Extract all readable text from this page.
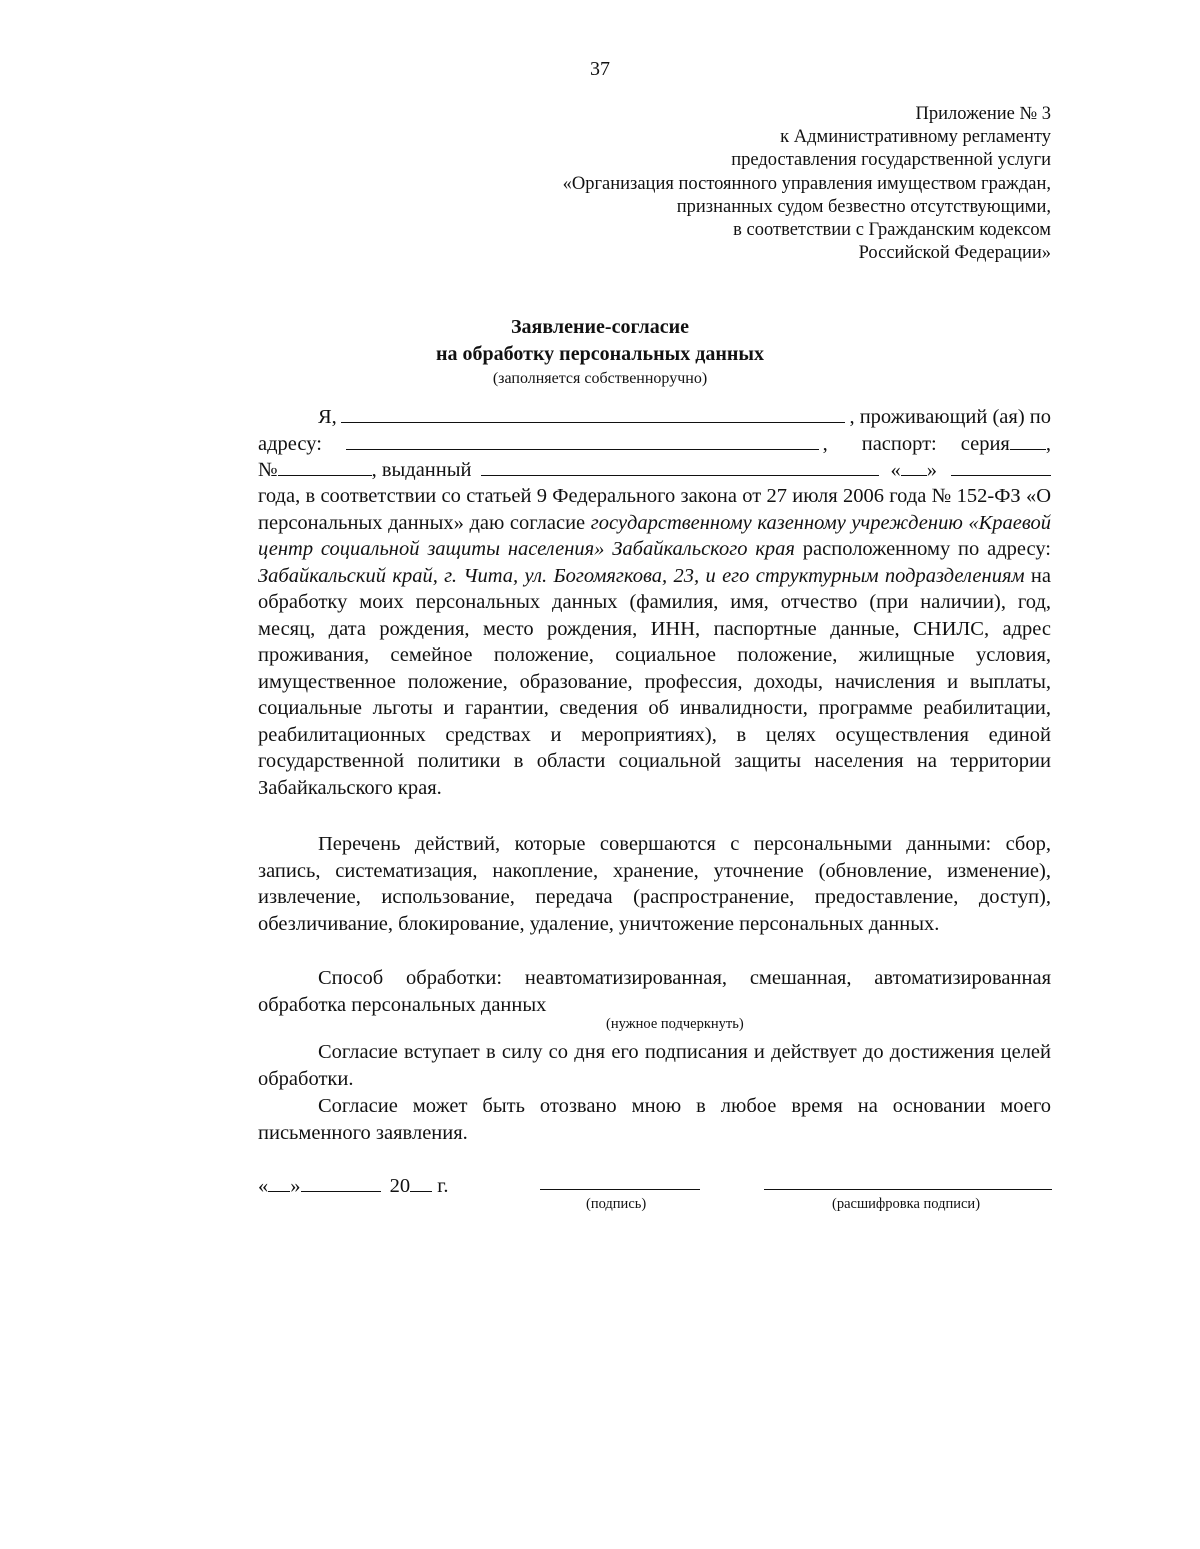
37
Приложение № 3
к Административному регламенту
предоставления государственной услуги
«Организация постоянного управления имуществом граждан,
признанных судом безвестно отсутствующими,
в соответствии с Гражданским кодексом
Российской Федерации»
Заявление-согласие
на обработку персональных данных
(заполняется собственноручно)
Я,	, проживающий (ая) по
адресу:	, паспорт: серия ,
№	, выданный	« »
года, в соответствии со статьей 9 Федерального закона от 27 июля 2006 года № 152-ФЗ «О персональных данных» даю согласие государственному казенному учреждению «Краевой центр социальной защиты населения» Забайкальского края расположенному по адресу: Забайкальский край, г. Чита, ул. Богомягкова, 23, и его структурным подразделениям на обработку моих персональных данных (фамилия, имя, отчество (при наличии), год, месяц, дата рождения, место рождения, ИНН, паспортные данные, СНИЛС, адрес проживания, семейное положение, социальное положение, жилищные условия, имущественное положение, образование, профессия, доходы, начисления и выплаты, социальные льготы и гарантии, сведения об инвалидности, программе реабилитации, реабилитационных средствах и мероприятиях), в целях осуществления единой государственной политики в области социальной защиты населения на территории Забайкальского края.
Перечень действий, которые совершаются с персональными данными: сбор, запись, систематизация, накопление, хранение, уточнение (обновление, изменение), извлечение, использование, передача (распространение, предоставление, доступ), обезличивание, блокирование, удаление, уничтожение персональных данных.
Способ обработки: неавтоматизированная, смешанная, автоматизированная обработка персональных данных
(нужное подчеркнуть)
Согласие вступает в силу со дня его подписания и действует до достижения целей обработки.
Согласие может быть отозвано мною в любое время на основании моего письменного заявления.
« »	20 г.
(подпись)	(расшифровка подписи)
